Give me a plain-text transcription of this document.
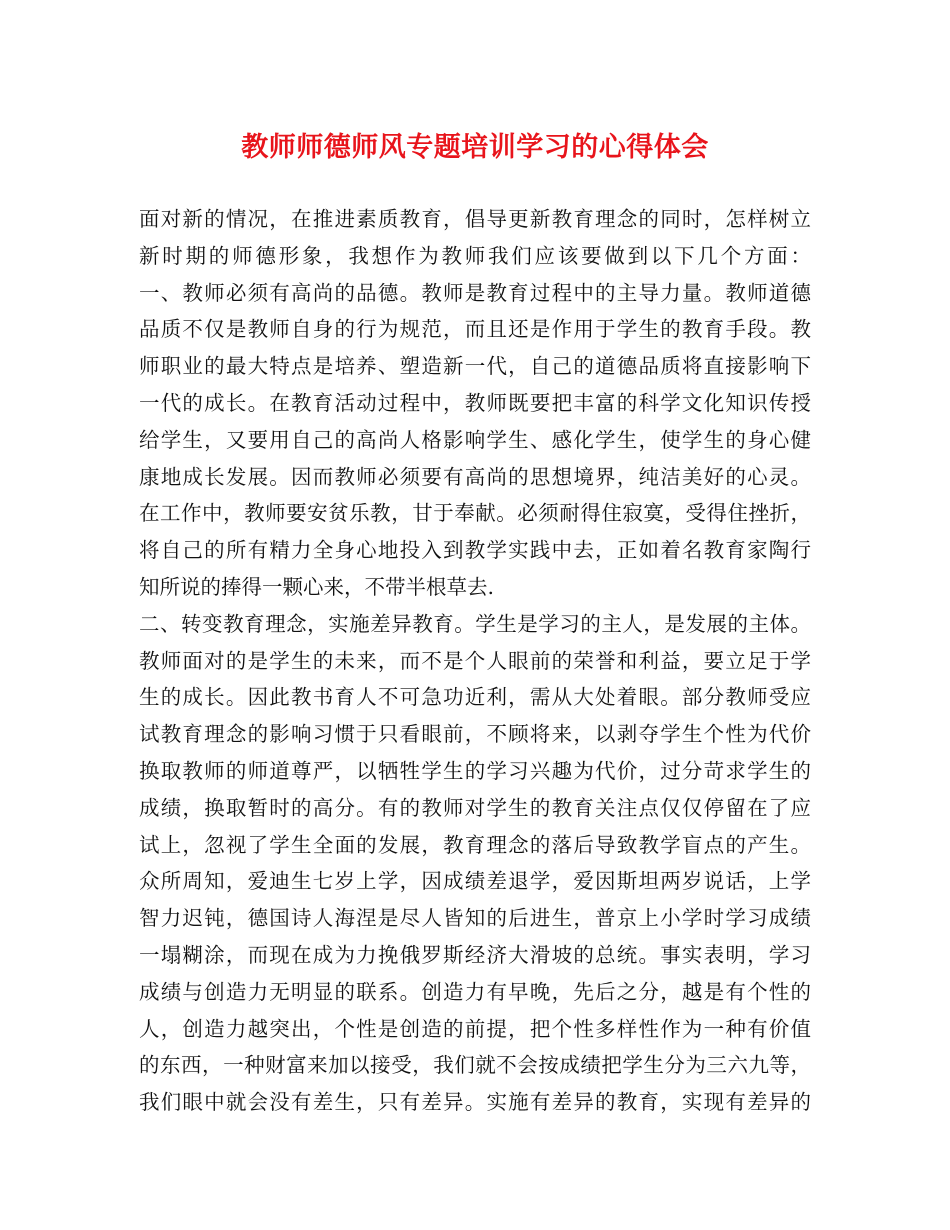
教师师德师风专题培训学习的心得体会
面对新的情况，在推进素质教育，倡导更新教育理念的同时，怎样树立
新时期的师德形象，我想作为教师我们应该要做到以下几个方面：
一、教师必须有高尚的品德。教师是教育过程中的主导力量。教师道德
品质不仅是教师自身的行为规范，而且还是作用于学生的教育手段。教
师职业的最大特点是培养、塑造新一代，自己的道德品质将直接影响下
一代的成长。在教育活动过程中，教师既要把丰富的科学文化知识传授
给学生，又要用自己的高尚人格影响学生、感化学生，使学生的身心健
康地成长发展。因而教师必须要有高尚的思想境界，纯洁美好的心灵。
在工作中，教师要安贫乐教，甘于奉献。必须耐得住寂寞，受得住挫折，
将自己的所有精力全身心地投入到教学实践中去，正如着名教育家陶行
知所说的捧得一颗心来，不带半根草去.
二、转变教育理念，实施差异教育。学生是学习的主人，是发展的主体。
教师面对的是学生的未来，而不是个人眼前的荣誉和利益，要立足于学
生的成长。因此教书育人不可急功近利，需从大处着眼。部分教师受应
试教育理念的影响习惯于只看眼前，不顾将来，以剥夺学生个性为代价
换取教师的师道尊严，以牺牲学生的学习兴趣为代价，过分苛求学生的
成绩，换取暂时的高分。有的教师对学生的教育关注点仅仅停留在了应
试上，忽视了学生全面的发展，教育理念的落后导致教学盲点的产生。
众所周知，爱迪生七岁上学，因成绩差退学，爱因斯坦两岁说话，上学
智力迟钝，德国诗人海涅是尽人皆知的后进生，普京上小学时学习成绩
一塌糊涂，而现在成为力挽俄罗斯经济大滑坡的总统。事实表明，学习
成绩与创造力无明显的联系。创造力有早晚，先后之分，越是有个性的
人，创造力越突出，个性是创造的前提，把个性多样性作为一种有价值
的东西，一种财富来加以接受，我们就不会按成绩把学生分为三六九等，
我们眼中就会没有差生，只有差异。实施有差异的教育，实现有差异的
